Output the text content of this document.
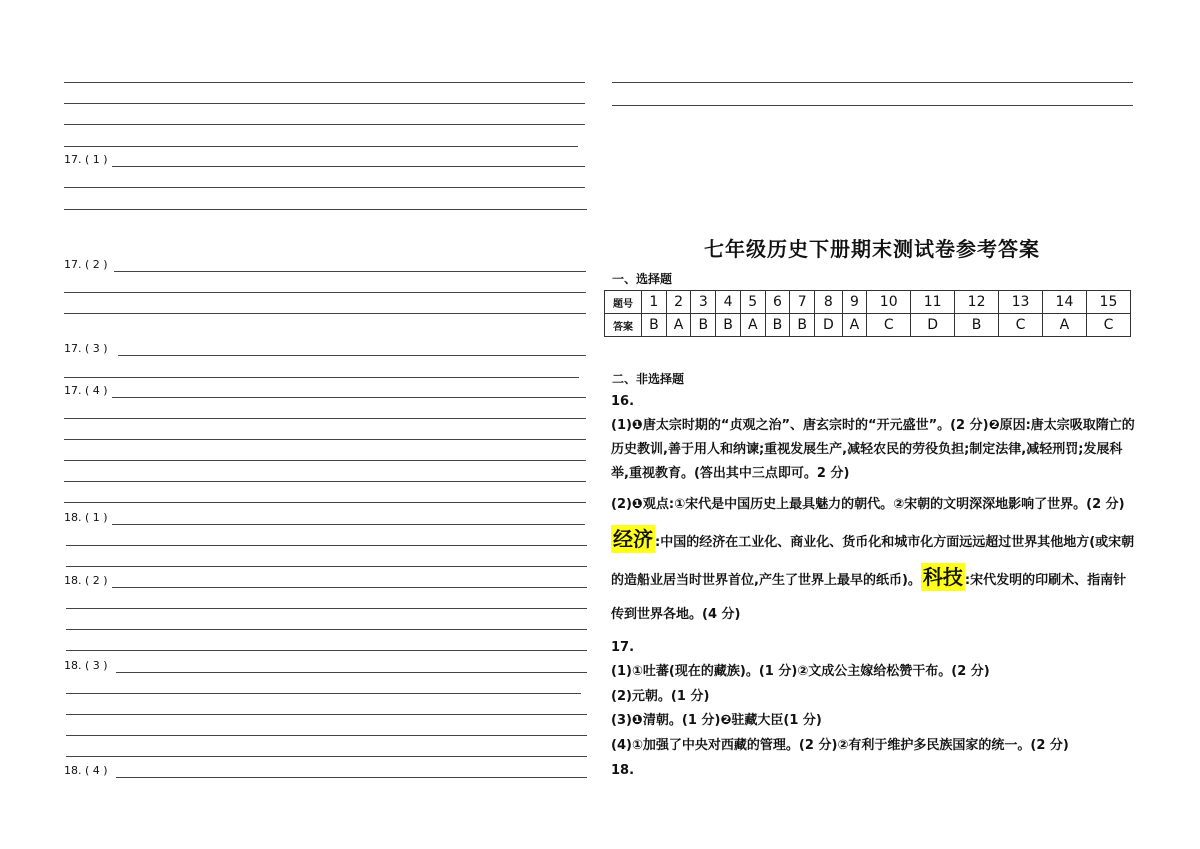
17. ( 1 )
17. ( 2 )
17. ( 3 )
17. ( 4 )
18. ( 1 )
18. ( 2 )
18. ( 3 )
18. ( 4 )
七年级历史下册期末测试卷参考答案
一、选择题
题号	1	2	3	4	5	6	7	8	9	10	11	12	13	14	15
答案	B	A	B	B	A	B	B	D	A	C	D	B	C	A	C
二、非选择题
16.
(1)❶唐太宗时期的“贞观之治”、唐玄宗时的“开元盛世”。(2 分)❷原因:唐太宗吸取隋亡的历史教训,善于用人和纳谏;重视发展生产,减轻农民的劳役负担;制定法律,减轻刑罚;发展科举,重视教育。(答出其中三点即可。2 分)
(2)❶观点:①宋代是中国历史上最具魅力的朝代。②宋朝的文明深深地影响了世界。(2 分)经济 :中国的经济在工业化、商业化、货币化和城市化方面远远超过世界其他地方(或宋朝的造船业居当时世界首位,产生了世界上最早的纸币)。 科技 :宋代发明的印刷术、指南针传到世界各地。(4 分)
17.
(1)①吐蕃(现在的藏族)。(1 分)②文成公主嫁给松赞干布。(2 分)
(2)元朝。(1 分)
(3)❶清朝。(1 分)❷驻藏大臣(1 分)
(4)①加强了中央对西藏的管理。(2 分)②有利于维护多民族国家的统一。(2 分)
18.
